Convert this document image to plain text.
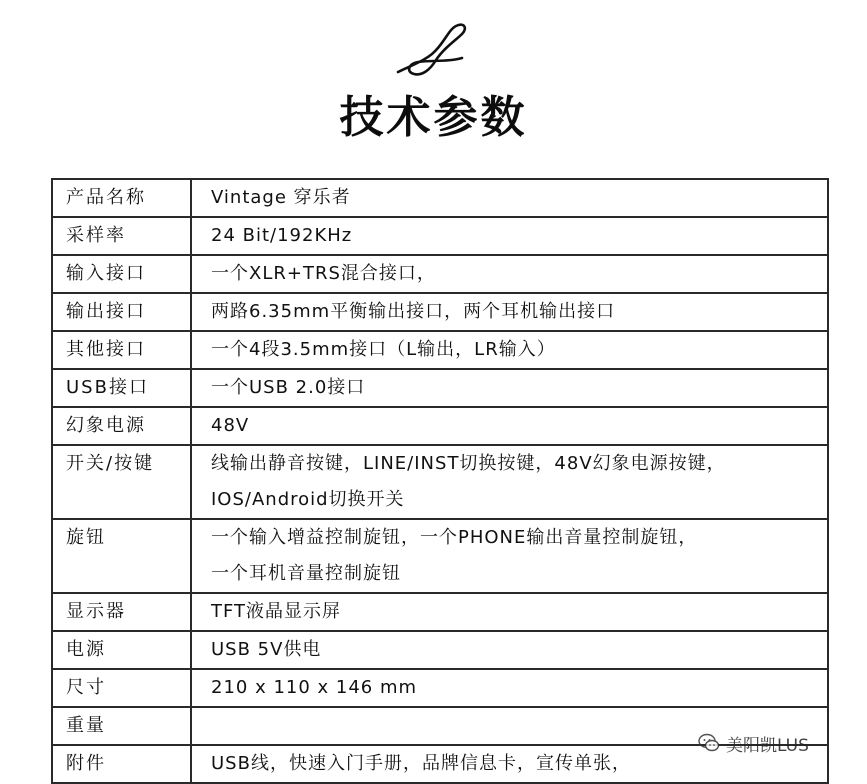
技术参数
产品名称	Vintage 穿乐者

采样率	24 Bit/192KHz

输入接口	一个XLR+TRS混合接口，

输出接口	两路6.35mm平衡输出接口，两个耳机输出接口

其他接口	一个4段3.5mm接口（L输出，LR输入）

USB接口	一个USB 2.0接口

幻象电源	48V

开关/按键	线输出静音按键，LINE/INST切换按键，48V幻象电源按键，
IOS/Android切换开关

旋钮	一个输入增益控制旋钮，一个PHONE输出音量控制旋钮，
一个耳机音量控制旋钮

显示器	TFT液晶显示屏

电源	USB 5V供电

尺寸	210 x 110 x 146 mm

重量	

附件	USB线，快速入门手册，品牌信息卡，宣传单张，
美阳凯LUS
